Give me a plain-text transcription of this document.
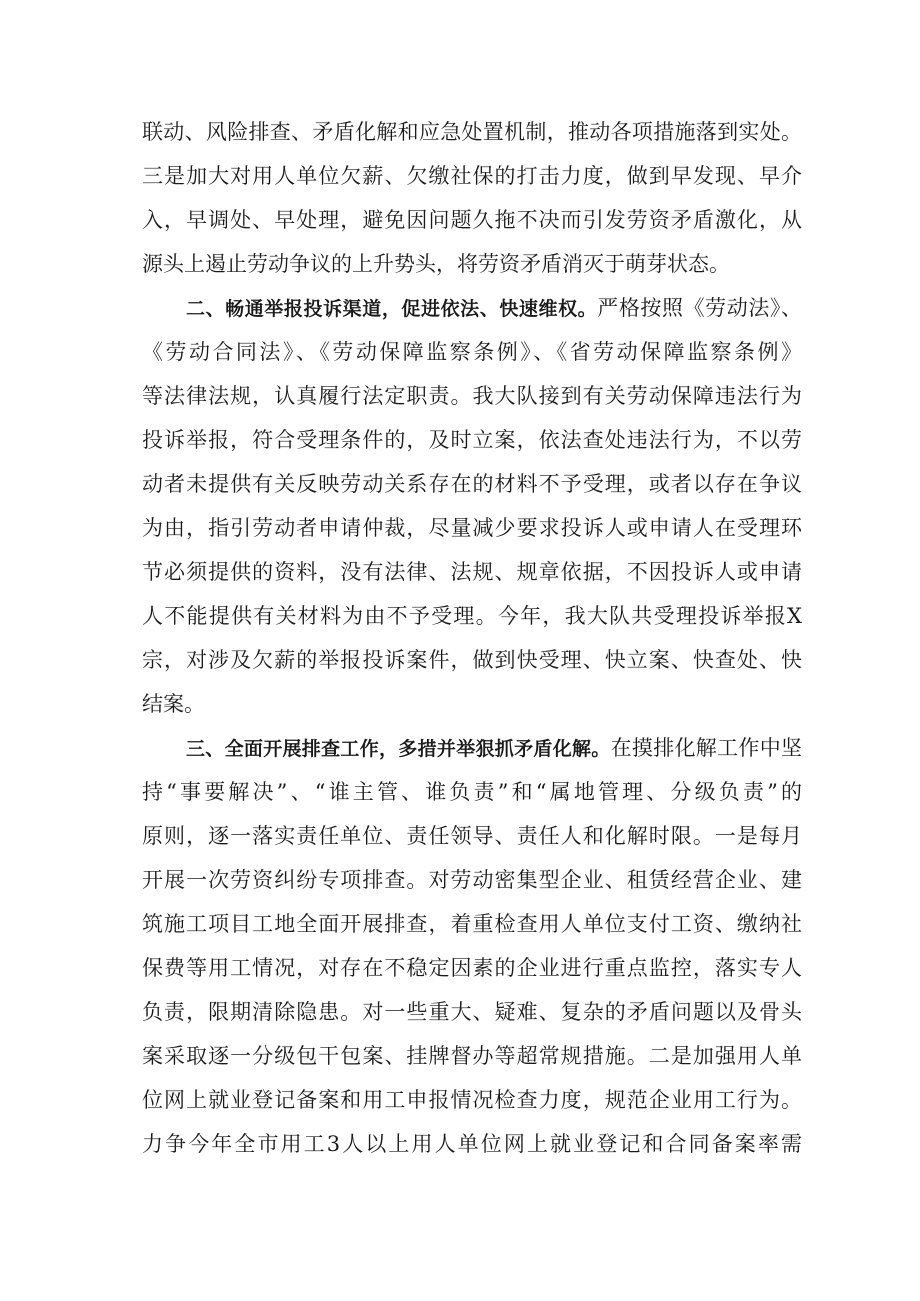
联动、风险排查、矛盾化解和应急处置机制，推动各项措施落到实处。
三是加大对用人单位欠薪、欠缴社保的打击力度，做到早发现、早介
入，早调处、早处理，避免因问题久拖不决而引发劳资矛盾激化，从
源头上遏止劳动争议的上升势头，将劳资矛盾消灭于萌芽状态。
二、畅通举报投诉渠道，促进依法、快速维权。严格按照《劳动法》、
《劳动合同法》、《劳动保障监察条例》、《省劳动保障监察条例》
等法律法规，认真履行法定职责。我大队接到有关劳动保障违法行为
投诉举报，符合受理条件的，及时立案，依法查处违法行为，不以劳
动者未提供有关反映劳动关系存在的材料不予受理，或者以存在争议
为由，指引劳动者申请仲裁，尽量减少要求投诉人或申请人在受理环
节必须提供的资料，没有法律、法规、规章依据，不因投诉人或申请
人不能提供有关材料为由不予受理。今年，我大队共受理投诉举报X
宗，对涉及欠薪的举报投诉案件，做到快受理、快立案、快查处、快
结案。
三、全面开展排查工作，多措并举狠抓矛盾化解。在摸排化解工作中坚
持“事要解决”、“谁主管、谁负责”和“属地管理、分级负责”的
原则，逐一落实责任单位、责任领导、责任人和化解时限。一是每月
开展一次劳资纠纷专项排查。对劳动密集型企业、租赁经营企业、建
筑施工项目工地全面开展排查，着重检查用人单位支付工资、缴纳社
保费等用工情况，对存在不稳定因素的企业进行重点监控，落实专人
负责，限期清除隐患。对一些重大、疑难、复杂的矛盾问题以及骨头
案采取逐一分级包干包案、挂牌督办等超常规措施。二是加强用人单
位网上就业登记备案和用工申报情况检查力度，规范企业用工行为。
力争今年全市用工3人以上用人单位网上就业登记和合同备案率需
